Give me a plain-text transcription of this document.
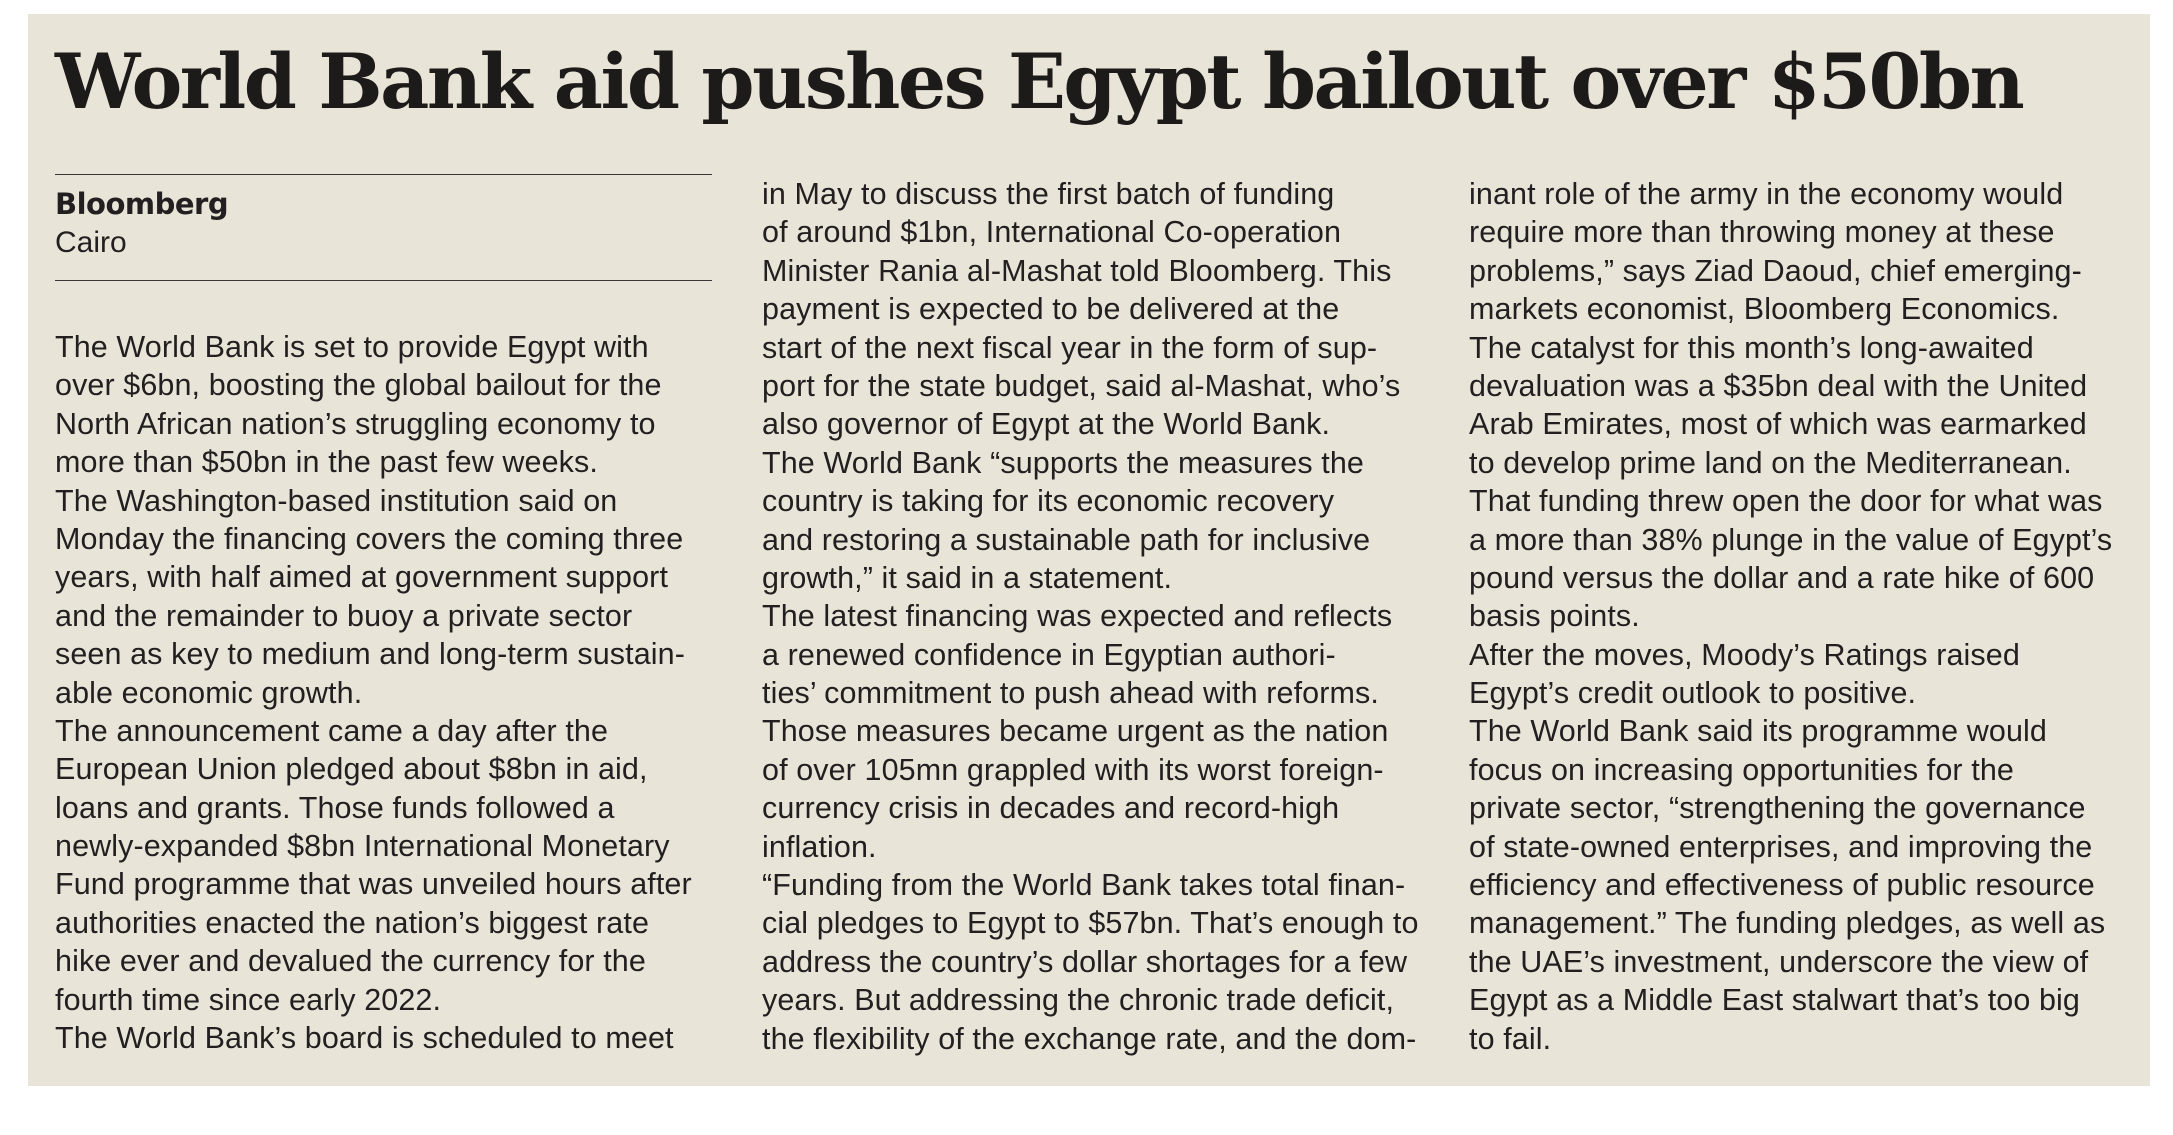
World Bank aid pushes Egypt bailout over $50bn
Bloomberg
Cairo
The World Bank is set to provide Egypt with
over $6bn, boosting the global bailout for the
North African nation’s struggling economy to
more than $50bn in the past few weeks.
The Washington-based institution said on
Monday the financing covers the coming three
years, with half aimed at government support
and the remainder to buoy a private sector
seen as key to medium and long-term sustain-
able economic growth.
The announcement came a day after the
European Union pledged about $8bn in aid,
loans and grants. Those funds followed a
newly-expanded $8bn International Monetary
Fund programme that was unveiled hours after
authorities enacted the nation’s biggest rate
hike ever and devalued the currency for the
fourth time since early 2022.
The World Bank’s board is scheduled to meet
in May to discuss the first batch of funding
of around $1bn, International Co-operation
Minister Rania al-Mashat told Bloomberg. This
payment is expected to be delivered at the
start of the next fiscal year in the form of sup-
port for the state budget, said al-Mashat, who’s
also governor of Egypt at the World Bank.
The World Bank “supports the measures the
country is taking for its economic recovery
and restoring a sustainable path for inclusive
growth,” it said in a statement.
The latest financing was expected and reflects
a renewed confidence in Egyptian authori-
ties’ commitment to push ahead with reforms.
Those measures became urgent as the nation
of over 105mn grappled with its worst foreign-
currency crisis in decades and record-high
inflation.
“Funding from the World Bank takes total finan-
cial pledges to Egypt to $57bn. That’s enough to
address the country’s dollar shortages for a few
years. But addressing the chronic trade deficit,
the flexibility of the exchange rate, and the dom-
inant role of the army in the economy would
require more than throwing money at these
problems,” says Ziad Daoud, chief emerging-
markets economist, Bloomberg Economics.
The catalyst for this month’s long-awaited
devaluation was a $35bn deal with the United
Arab Emirates, most of which was earmarked
to develop prime land on the Mediterranean.
That funding threw open the door for what was
a more than 38% plunge in the value of Egypt’s
pound versus the dollar and a rate hike of 600
basis points.
After the moves, Moody’s Ratings raised
Egypt’s credit outlook to positive.
The World Bank said its programme would
focus on increasing opportunities for the
private sector, “strengthening the governance
of state-owned enterprises, and improving the
efficiency and effectiveness of public resource
management.” The funding pledges, as well as
the UAE’s investment, underscore the view of
Egypt as a Middle East stalwart that’s too big
to fail.
